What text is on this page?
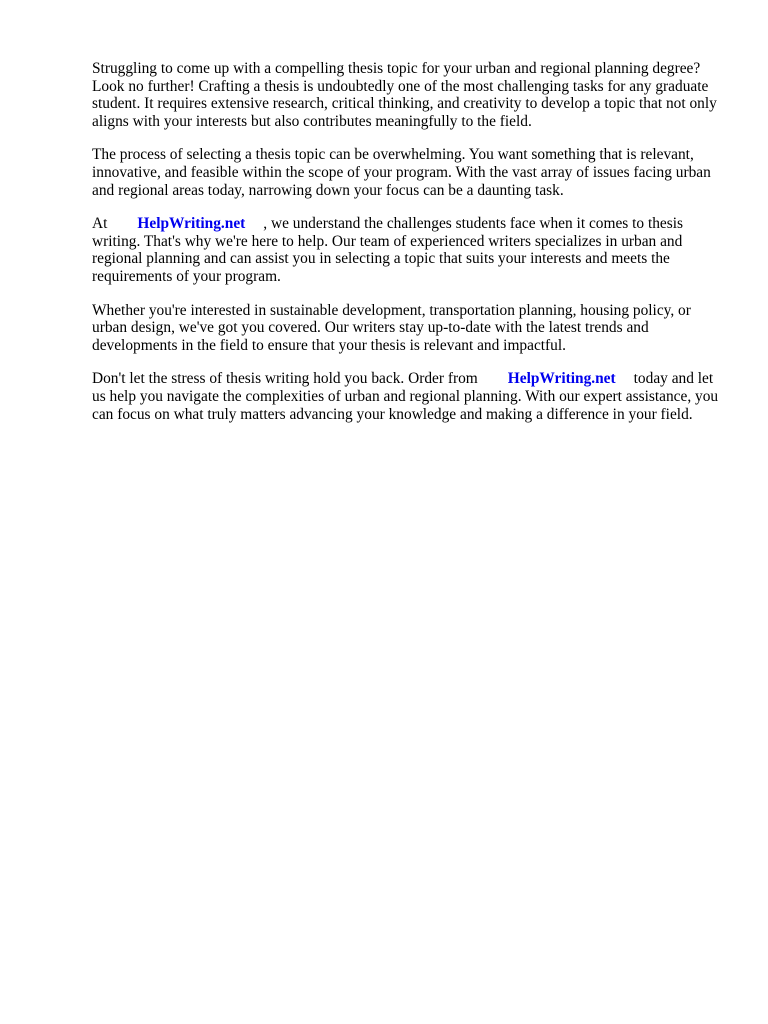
Struggling to come up with a compelling thesis topic for your urban and regional planning degree? Look no further! Crafting a thesis is undoubtedly one of the most challenging tasks for any graduate student. It requires extensive research, critical thinking, and creativity to develop a topic that not only aligns with your interests but also contributes meaningfully to the field.

The process of selecting a thesis topic can be overwhelming. You want something that is relevant, innovative, and feasible within the scope of your program. With the vast array of issues facing urban and regional areas today, narrowing down your focus can be a daunting task.

At HelpWriting.net , we understand the challenges students face when it comes to thesis writing. That's why we're here to help. Our team of experienced writers specializes in urban and regional planning and can assist you in selecting a topic that suits your interests and meets the requirements of your program.

Whether you're interested in sustainable development, transportation planning, housing policy, or urban design, we've got you covered. Our writers stay up-to-date with the latest trends and developments in the field to ensure that your thesis is relevant and impactful.

Don't let the stress of thesis writing hold you back. Order from HelpWriting.net today and let us help you navigate the complexities of urban and regional planning. With our expert assistance, you can focus on what truly matters advancing your knowledge and making a difference in your field.
